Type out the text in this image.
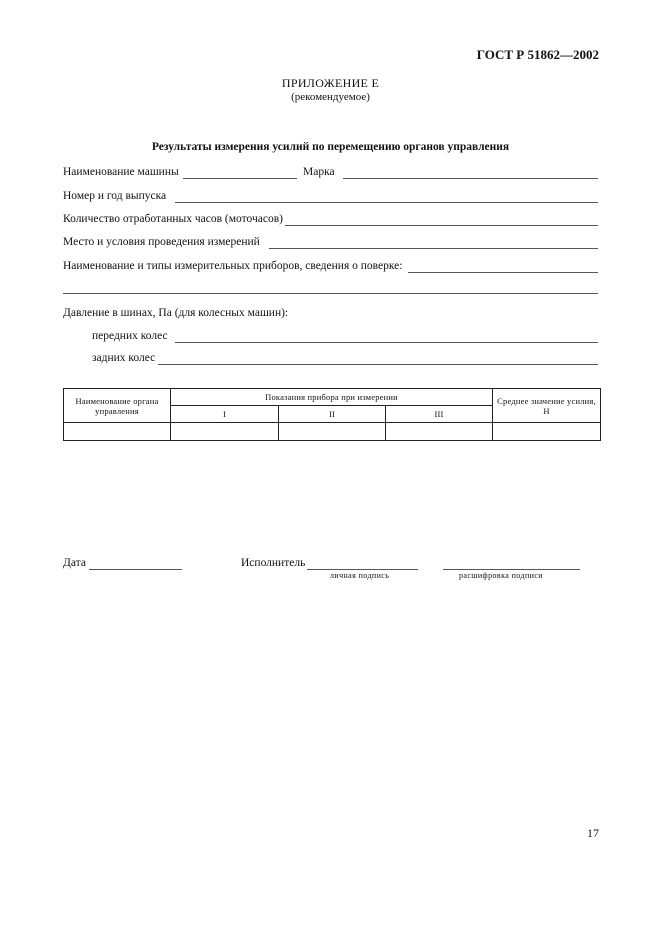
ГОСТ Р 51862—2002
ПРИЛОЖЕНИЕ Е
(рекомендуемое)
Результаты измерения усилий по перемещению органов управления
Наименование машины	Марка
Номер и год выпуска
Количество отработанных часов (моточасов)
Место и условия проведения измерений
Наименование и типы измерительных приборов, сведения о поверке:
Давление в шинах, Па (для колесных машин):
передних колес
задних колес
Наименование органа управления	Показания прибора при измерении			Среднее значение усилия, Н
	I	II	III	

Дата	Исполнитель
личная подпись	расшифровка подписи
17
